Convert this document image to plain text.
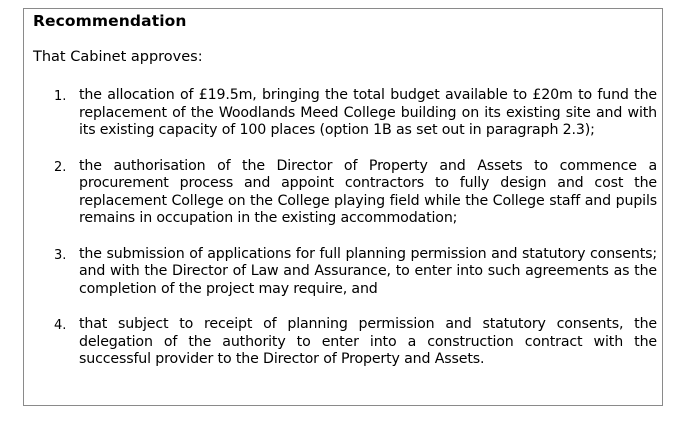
Recommendation
That Cabinet approves:
1. the allocation of £19.5m, bringing the total budget available to £20m to fund the replacement of the Woodlands Meed College building on its existing site and with its existing capacity of 100 places (option 1B as set out in paragraph 2.3);
2. the authorisation of the Director of Property and Assets to commence a procurement process and appoint contractors to fully design and cost the replacement College on the College playing field while the College staff and pupils remains in occupation in the existing accommodation;
3. the submission of applications for full planning permission and statutory consents; and with the Director of Law and Assurance, to enter into such agreements as the completion of the project may require, and
4. that subject to receipt of planning permission and statutory consents, the delegation of the authority to enter into a construction contract with the successful provider to the Director of Property and Assets.
